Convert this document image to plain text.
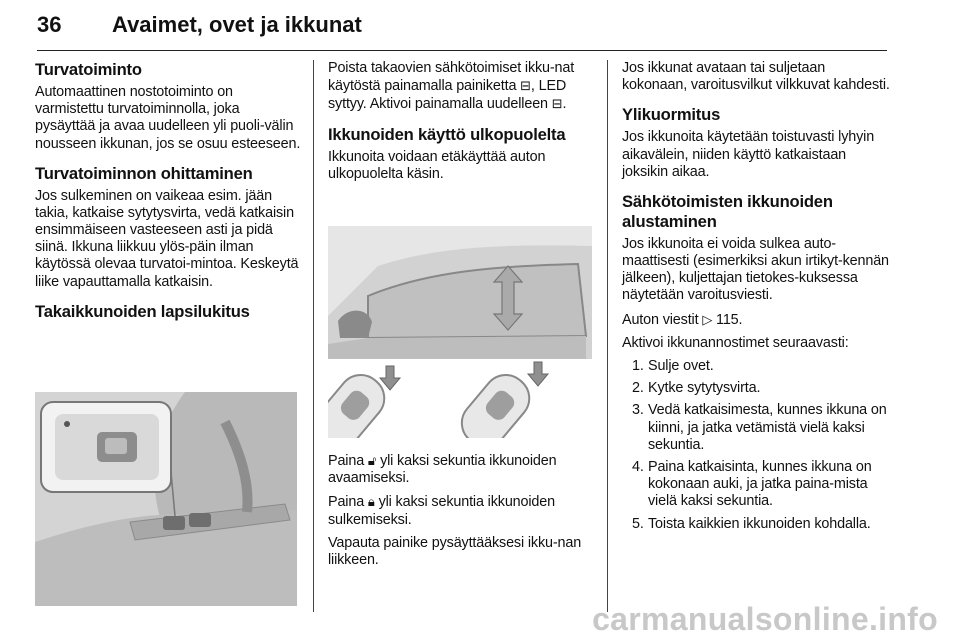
36 Avaimet, ovet ja ikkunat
Turvatoiminto

Automaattinen nostotoiminto on varmistettu turvatoiminnolla, joka pysäyttää ja avaa uudelleen yli puoli-välin nousseen ikkunan, jos se osuu esteeseen.

Turvatoiminnon ohittaminen

Jos sulkeminen on vaikeaa esim. jään takia, katkaise sytytysvirta, vedä katkaisin ensimmäiseen vasteeseen asti ja pidä siinä. Ikkuna liikkuu ylös-päin ilman käytössä olevaa turvatoi-mintoa. Keskeytä liike vapauttamalla katkaisin.

Takaikkunoiden lapsilukitus

Poista takaovien sähkötoimiset ikku-nat käytöstä painamalla painiketta ⊟, LED syttyy. Aktivoi painamalla uudelleen ⊟.

Ikkunoiden käyttö ulkopuolelta

Ikkunoita voidaan etäkäyttää auton ulkopuolelta käsin.

Paina 🔓︎ yli kaksi sekuntia ikkunoiden avaamiseksi.

Paina 🔒︎ yli kaksi sekuntia ikkunoiden sulkemiseksi.

Vapauta painike pysäyttääksesi ikku-nan liikkeen.

Jos ikkunat avataan tai suljetaan kokonaan, varoitusvilkut vilkkuvat kahdesti.

Ylikuormitus

Jos ikkunoita käytetään toistuvasti lyhyin aikavälein, niiden käyttö katkaistaan joksikin aikaa.

Sähkötoimisten ikkunoiden alustaminen

Jos ikkunoita ei voida sulkea auto-maattisesti (esimerkiksi akun irtikyt-kennän jälkeen), kuljettajan tietokes-kuksessa näytetään varoitusviesti.

Auton viestit ▷ 115.

Aktivoi ikkunannostimet seuraavasti:

1. Sulje ovet.
2. Kytke sytytysvirta.
3. Vedä katkaisimesta, kunnes ikkuna on kiinni, ja jatka vetämistä vielä kaksi sekuntia.
4. Paina katkaisinta, kunnes ikkuna on kokonaan auki, ja jatka paina-mista vielä kaksi sekuntia.
5. Toista kaikkien ikkunoiden kohdalla.
carmanualsonline.info
